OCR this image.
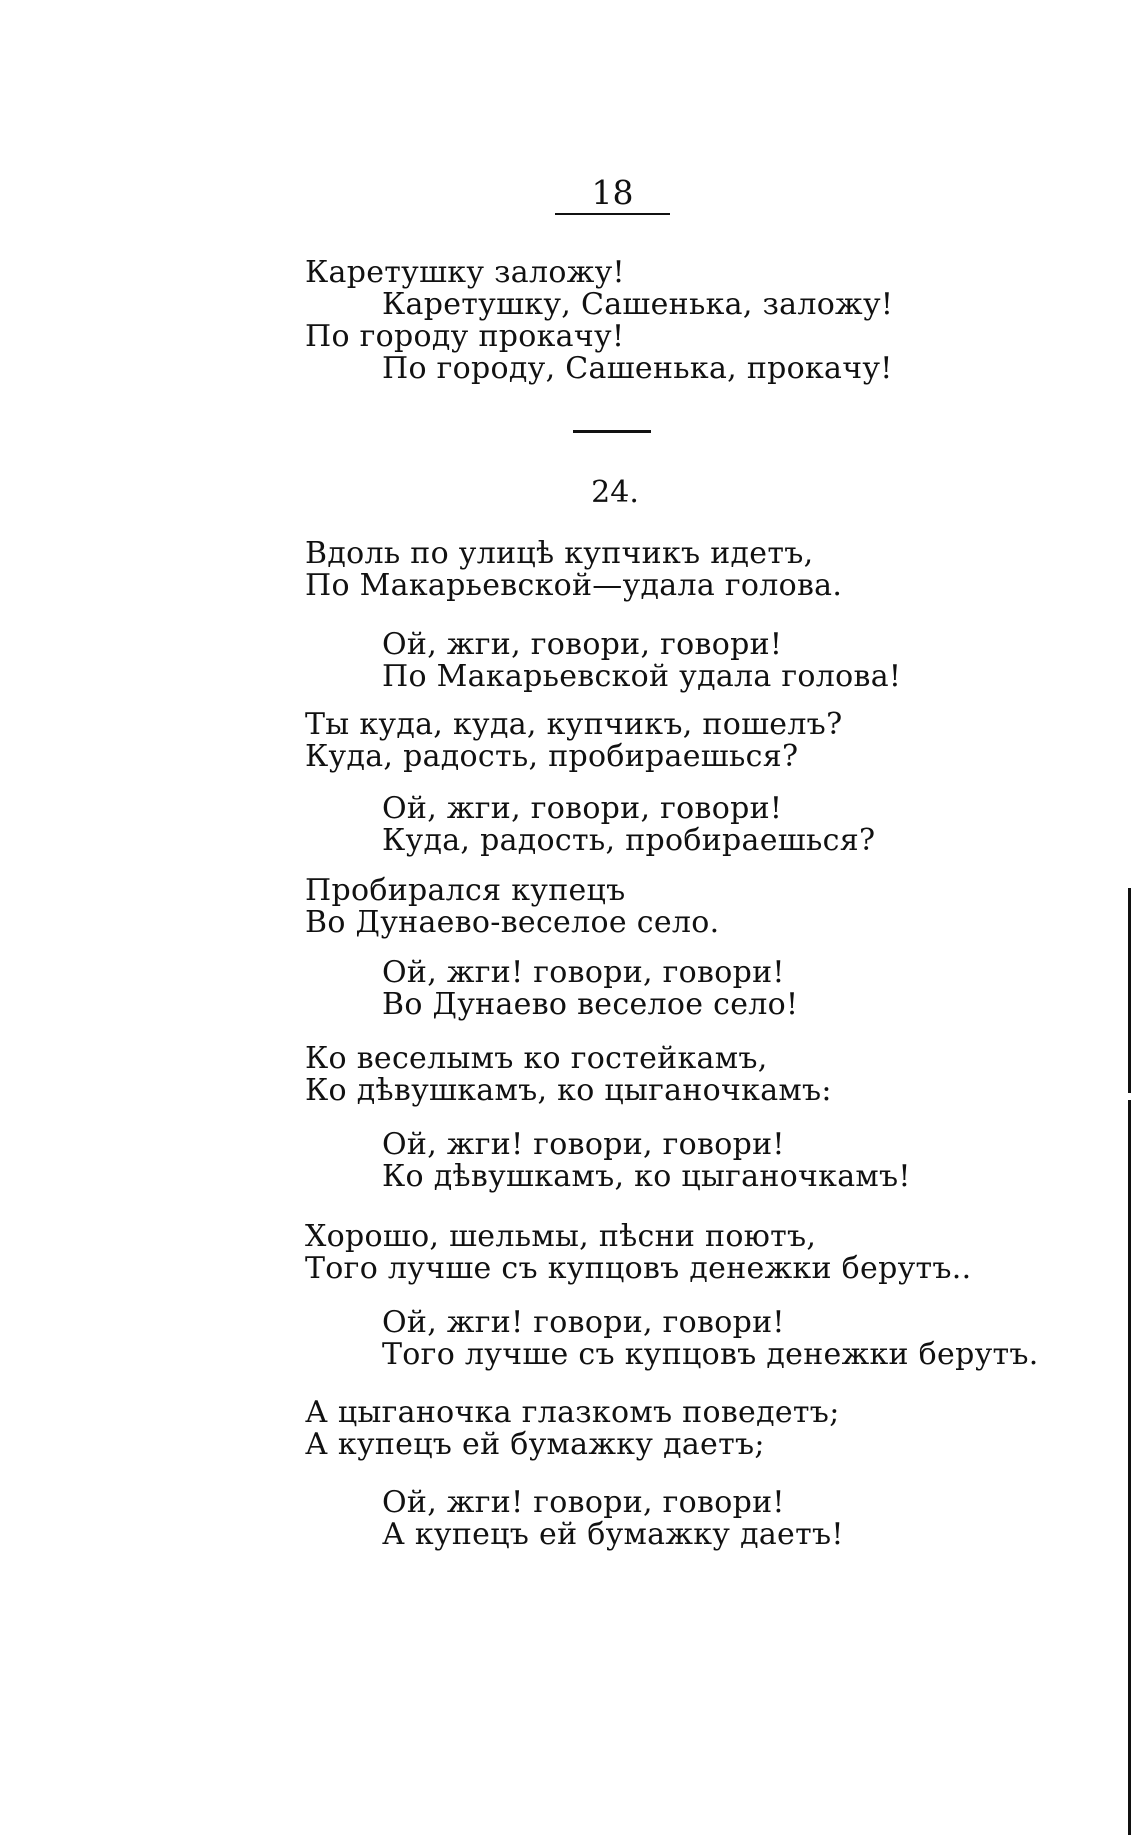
18
Каретушку заложу!
Каретушку, Сашенька, заложу!
По городу прокачу!
По городу, Сашенька, прокачу!
24.
Вдоль по улицѣ купчикъ идетъ,
По Макарьевской—удала голова.
Ой, жги, говори, говори!
По Макарьевской удала голова!
Ты куда, куда, купчикъ, пошелъ?
Куда, радость, пробираешься?
Ой, жги, говори, говори!
Куда, радость, пробираешься?
Пробирался купецъ
Во Дунаево-веселое село.
Ой, жги! говори, говори!
Во Дунаево веселое село!
Ко веселымъ ко гостейкамъ,
Ко дѣвушкамъ, ко цыганочкамъ:
Ой, жги! говори, говори!
Ко дѣвушкамъ, ко цыганочкамъ!
Хорошо, шельмы, пѣсни поютъ,
Того лучше съ купцовъ денежки берутъ..
Ой, жги! говори, говори!
Того лучше съ купцовъ денежки берутъ.
А цыганочка глазкомъ поведетъ;
А купецъ ей бумажку даетъ;
Ой, жги! говори, говори!
А купецъ ей бумажку даетъ!
